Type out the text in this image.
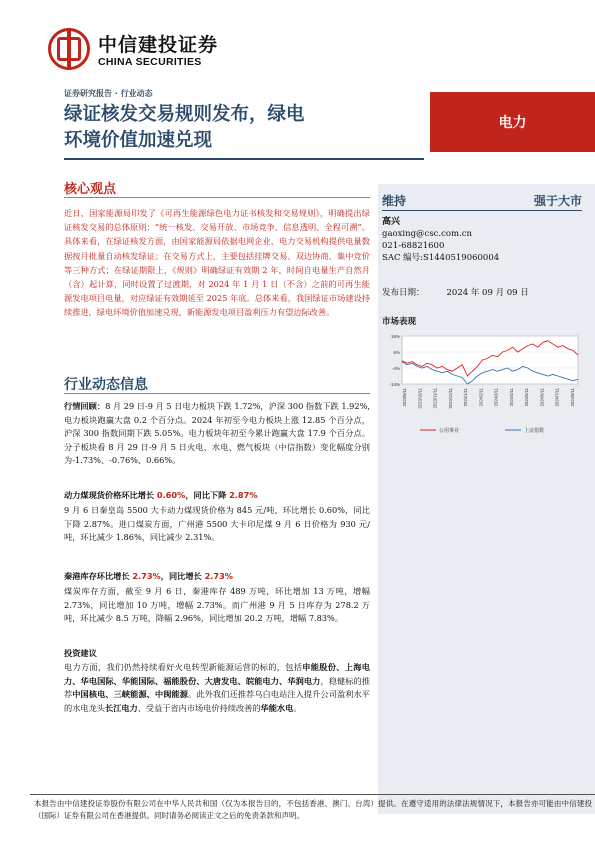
中信建投证券
CHINA SECURITIES
证券研究报告 · 行业动态
绿证核发交易规则发布，绿电
环境价值加速兑现
电力
核心观点
近日，国家能源局印发了《可再生能源绿色电力证书核发和交易规则》，明确提出绿证核发交易的总体原则：“统一核发、交易开放、市场竞争、信息透明、全程可溯”。具体来看，在绿证核发方面，由国家能源局依据电网企业、电力交易机构提供电量数据按月批量自动核发绿证；在交易方式上，主要包括挂牌交易、双边协商、集中竞价等三种方式；在绿证期限上，《规则》明确绿证有效期 2 年，时间自电量生产自然月（含）起计算，同时设置了过渡期，对 2024 年 1 月 1 日（不含）之前的可再生能源发电项目电量，对应绿证有效期延至 2025 年底。总体来看，我国绿证市场建设持续推进，绿电环境价值加速兑现，新能源发电项目盈利压力有望边际改善。
维持	强于大市
高兴
gaoxing@csc.com.cn
021-68821600
SAC 编号:S1440519060004
发布日期：	2024 年 09 月 09 日
市场表现
16%
6%
-4%
-14%
2023/9/11 2023/10/11 2023/11/11 2023/12/11 2024/1/11 2024/2/11 2024/3/11 2024/4/11 2024/5/11 2024/6/11 2024/7/11 2024/8/11
公用事业	上证指数
行业动态信息
行情回顾：8 月 29 日-9 月 5 日电力板块下跌 1.72%，沪深 300 指数下跌 1.92%,电力板块跑赢大盘 0.2 个百分点。2024 年初至今电力板块上涨 12.85 个百分点，沪深 300 指数同期下跌 5.05%。电力板块年初至今累计跑赢大盘 17.9 个百分点。分子板块看 8 月 29 日-9 月 5 日火电、水电、燃气板块（中信指数）变化幅度分别为-1.73%、-0.76%、0.66%。
动力煤现货价格环比增长 0.60%，同比下降 2.87%
9 月 6 日秦皇岛 5500 大卡动力煤现货价格为 845 元/吨，环比增长 0.60%，同比下降 2.87%。进口煤炭方面，广州港 5500 大卡印尼煤 9 月 6 日价格为 930 元/吨，环比减少 1.86%，同比减少 2.31%。
秦港库存环比增长 2.73%，同比增长 2.73%
煤炭库存方面，截至 9 月 6 日，秦港库存 489 万吨，环比增加 13 万吨，增幅 2.73%，同比增加 10 万吨，增幅 2.73%。而广州港 9 月 5 日库存为 278.2 万吨，环比减少 8.5 万吨，降幅 2.96%，同比增加 20.2 万吨，增幅 7.83%。
投资建议
电力方面，我们仍然持续看好火电转型新能源运营的标的，包括申能股份、上海电力、华电国际、华能国际、福能股份、大唐发电、皖能电力、华润电力，稳健标的推荐中国核电、三峡能源、中闽能源。此外我们还推荐乌白电站注入提升公司盈利水平的水电龙头长江电力、受益于省内市场电价持续改善的华能水电。
本报告由中信建投证券股份有限公司在中华人民共和国（仅为本报告目的，不包括香港、澳门、台湾）提供。在遵守适用的法律法规情况下，本报告亦可能由中信建投（国际）证券有限公司在香港提供。同时请务必阅读正文之后的免责条款和声明。
